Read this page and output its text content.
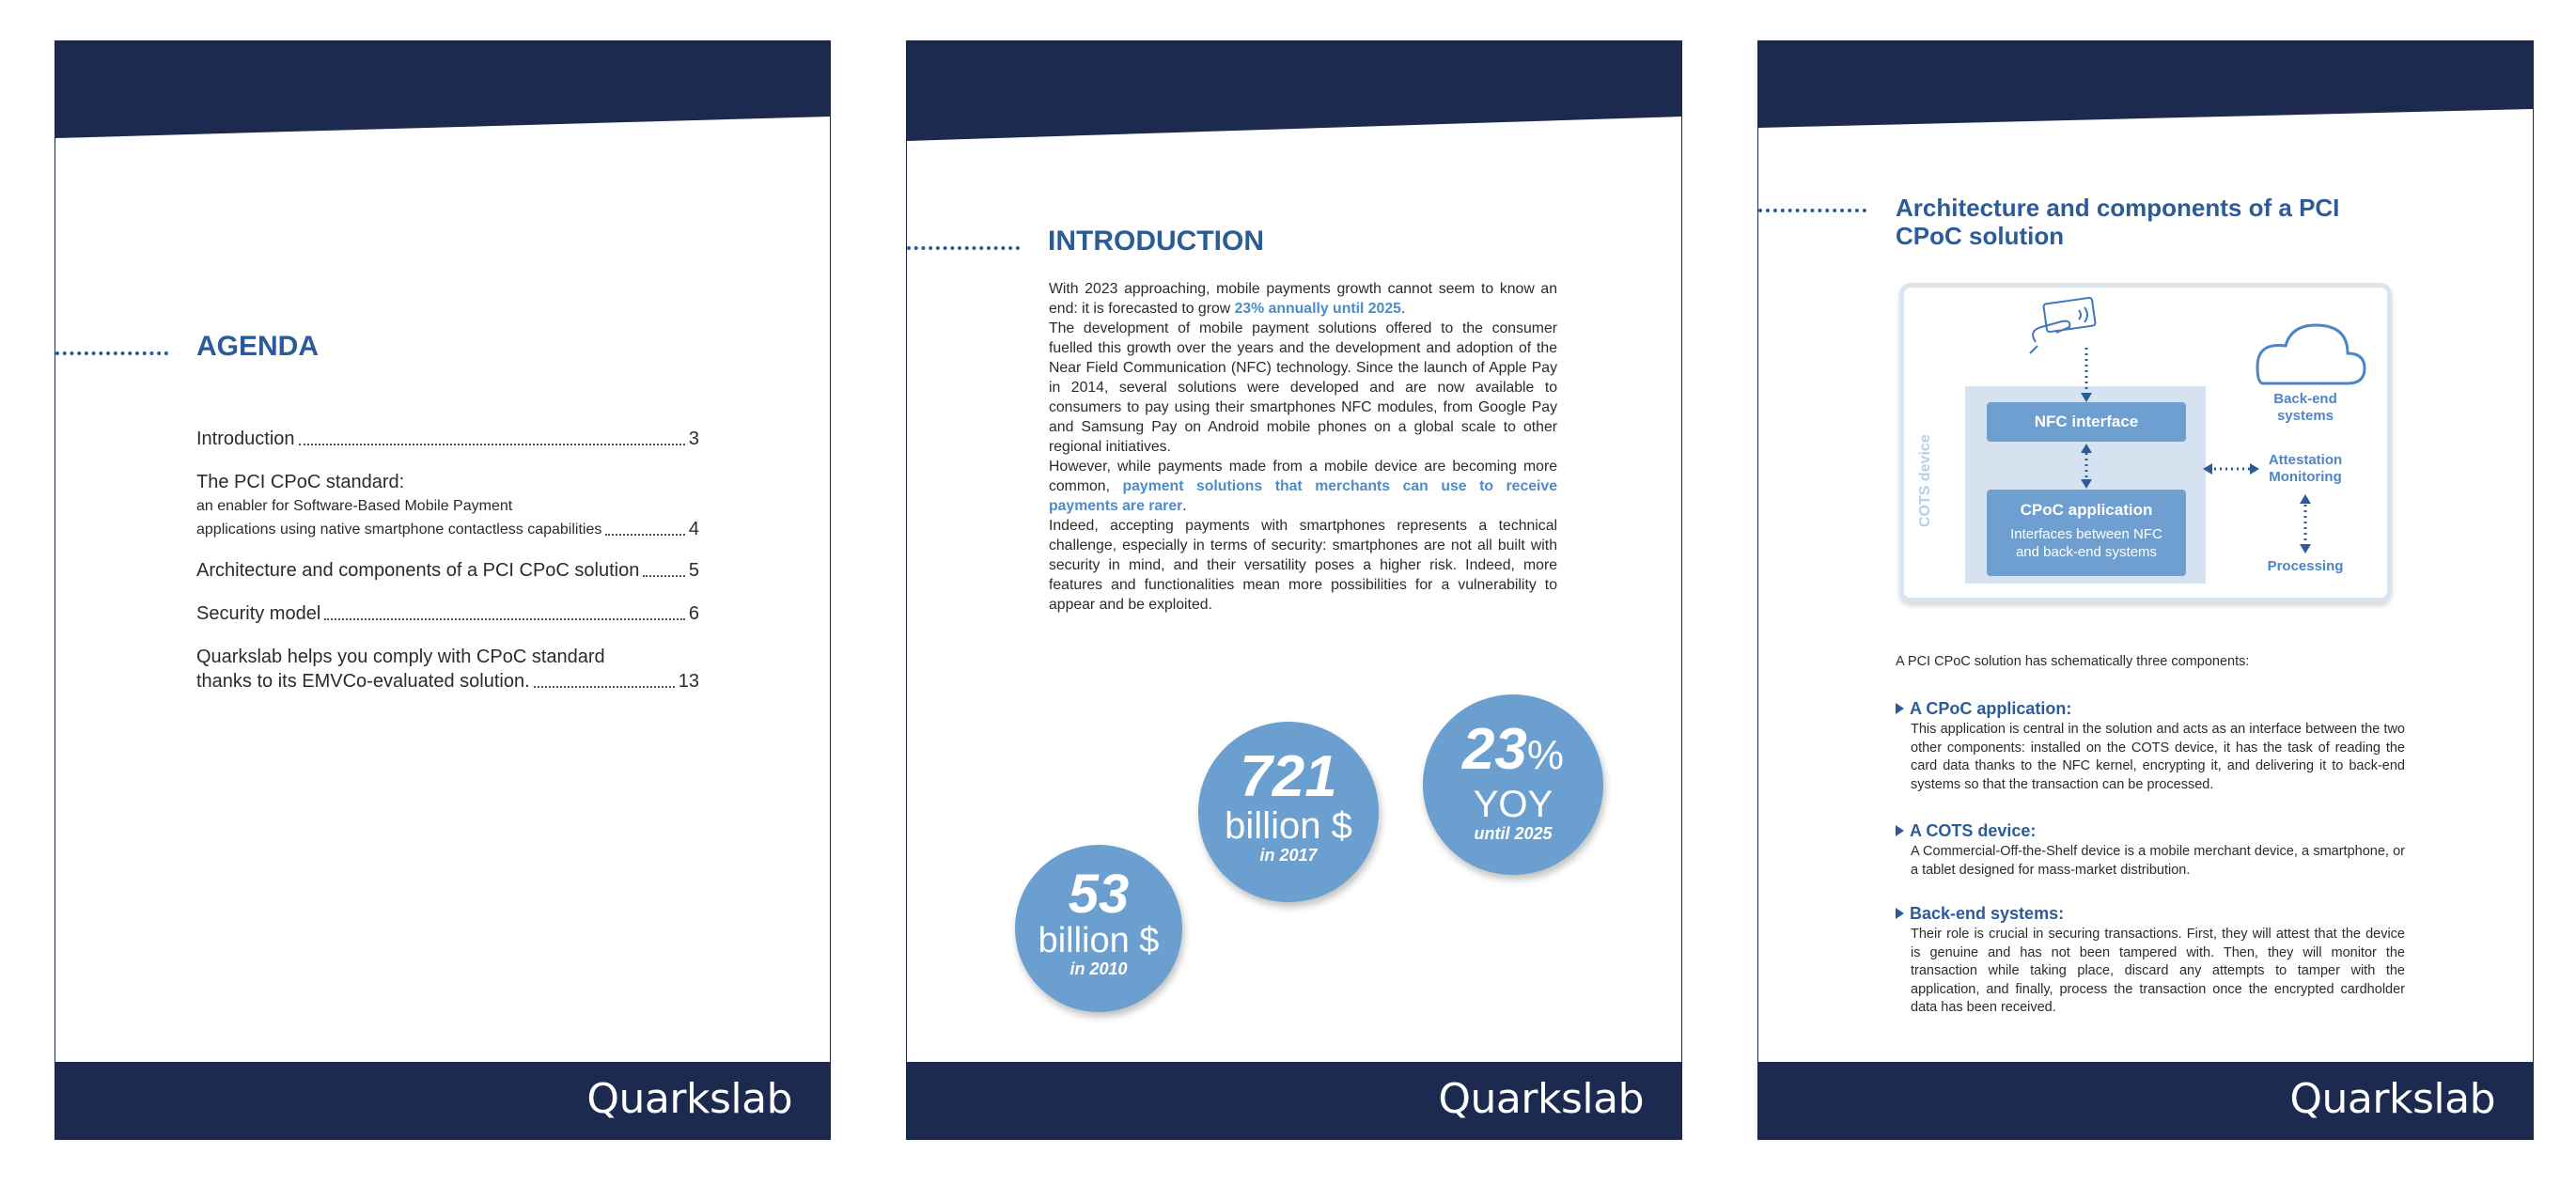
AGENDA
Introduction	3
The PCI CPoC standard:
an enabler for Software-Based Mobile Payment
applications using native smartphone contactless capabilities	4
Architecture and components of a PCI CPoC solution	5
Security model	6
Quarkslab helps you comply with CPoC standard
thanks to its EMVCo-evaluated solution.	13
Quarkslab
INTRODUCTION

With 2023 approaching, mobile payments growth cannot seem to know an end: it is forecasted to grow 23% annually until 2025.

The development of mobile payment solutions offered to the consumer fuelled this growth over the years and the development and adoption of the Near Field Communication (NFC) technology. Since the launch of Apple Pay in 2014, several solutions were developed and are now available to consumers to pay using their smartphones NFC modules, from Google Pay and Samsung Pay on Android mobile phones on a global scale to other regional initiatives.

However, while payments made from a mobile device are becoming more common, payment solutions that merchants can use to receive payments are rarer.

Indeed, accepting payments with smartphones represents a technical challenge, especially in terms of security: smartphones are not all built with security in mind, and their versatility poses a higher risk. Indeed, more features and functionalities mean more possibilities for a vulnerability to appear and be exploited.

53
billion $
in 2010
721
billion $
in 2017
23%
YOY
until 2025
Quarkslab
Architecture and components of a PCI
CPoC solution
COTS device
NFC interface
CPoC application
Interfaces between NFC
and back-end systems
Back-end
systems
Attestation
Monitoring
Processing
A PCI CPoC solution has schematically three components:
A CPoC application:
This application is central in the solution and acts as an interface between the two other components: installed on the COTS device, it has the task of reading the card data thanks to the NFC kernel, encrypting it, and delivering it to back-end systems so that the transaction can be processed.
A COTS device:
A Commercial-Off-the-Shelf device is a mobile merchant device, a smartphone, or a tablet designed for mass-market distribution.
Back-end systems:
Their role is crucial in securing transactions. First, they will attest that the device is genuine and has not been tampered with. Then, they will monitor the transaction while taking place, discard any attempts to tamper with the application, and finally, process the transaction once the encrypted cardholder data has been received.
Quarkslab
